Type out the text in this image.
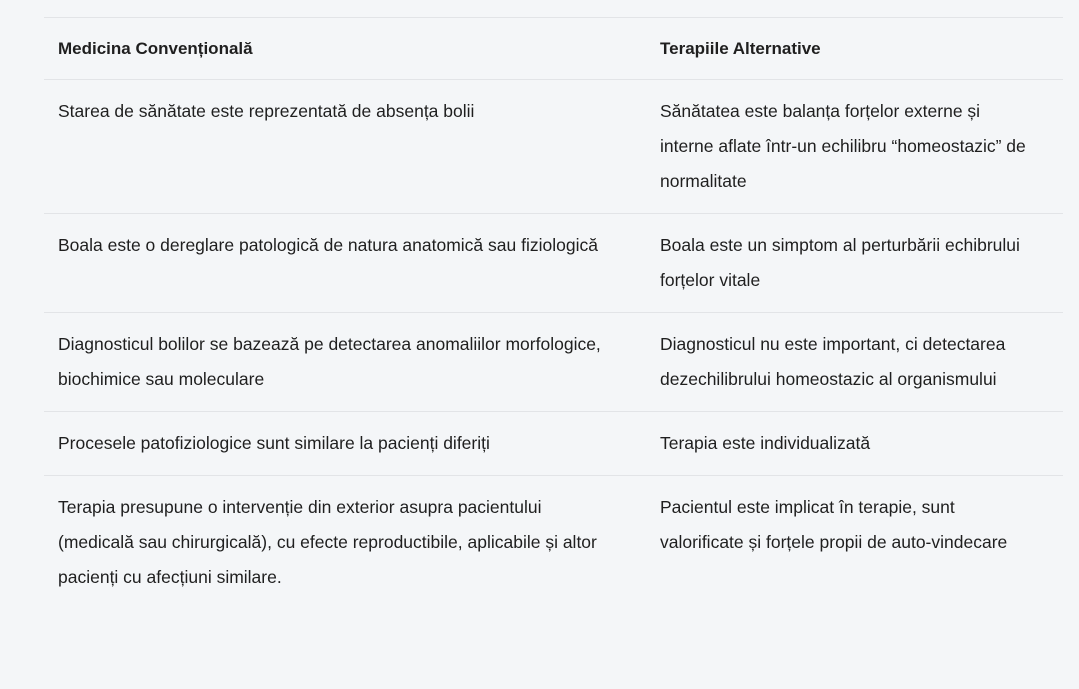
Medicina Convențională	Terapiile Alternative
Starea de sănătate este reprezentată de absența bolii	Sănătatea este balanța forțelor externe și interne aflate într-un echilibru “homeostazic” de normalitate
Boala este o dereglare patologică de natura anatomică sau fiziologică	Boala este un simptom al perturbării echibrului forțelor vitale
Diagnosticul bolilor se bazează pe detectarea anomaliilor morfologice, biochimice sau moleculare	Diagnosticul nu este important, ci detectarea dezechilibrului homeostazic al organismului
Procesele patofiziologice sunt similare la pacienți diferiți	Terapia este individualizată
Terapia presupune o intervenție din exterior asupra pacientului (medicală sau chirurgicală), cu efecte reproductibile, aplicabile și altor pacienți cu afecțiuni similare.	Pacientul este implicat în terapie, sunt valorificate și forțele propii de auto-vindecare
